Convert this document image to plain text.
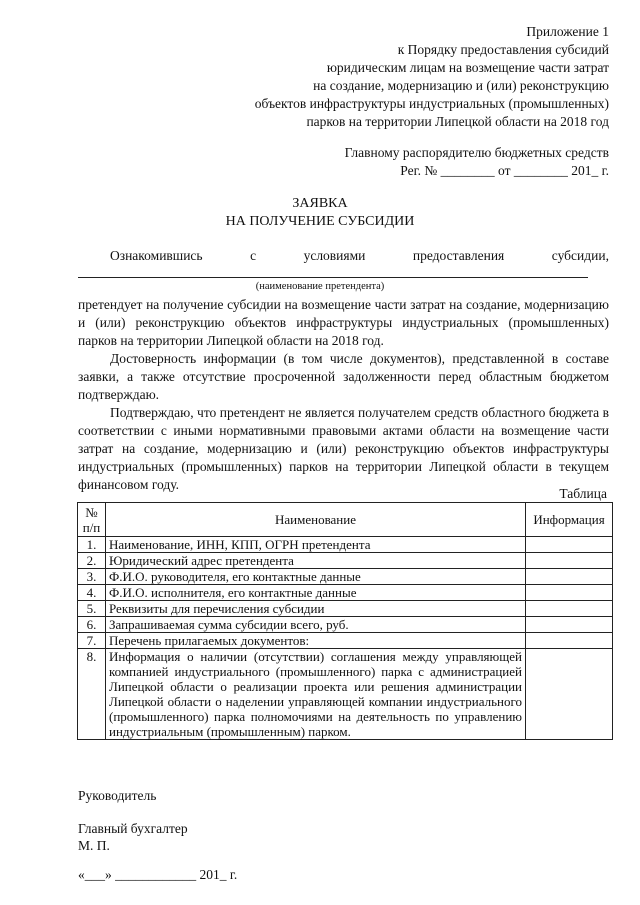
Приложение 1
к Порядку предоставления субсидий
юридическим лицам на возмещение части затрат
на создание, модернизацию и (или) реконструкцию
объектов инфраструктуры индустриальных (промышленных)
парков на территории Липецкой области на 2018 год
Главному распорядителю бюджетных средств
Рег. № ________ от ________ 201_ г.
ЗАЯВКА
НА ПОЛУЧЕНИЕ СУБСИДИИ
Ознакомившись	с	условиями	предоставления	субсидии,
(наименование претендента)
претендует на получение субсидии на возмещение части затрат на создание, модернизацию и (или) реконструкцию объектов инфраструктуры индустриальных (промышленных) парков на территории Липецкой области на 2018 год.
Достоверность информации (в том числе документов), представленной в составе заявки, а также отсутствие просроченной задолженности перед областным бюджетом подтверждаю.
Подтверждаю, что претендент не является получателем средств областного бюджета в соответствии с иными нормативными правовыми актами области на возмещение части затрат на создание, модернизацию и (или) реконструкцию объектов инфраструктуры индустриальных (промышленных) парков на территории Липецкой области в текущем финансовом году.
Таблица
№ п/п	Наименование	Информация
1.	Наименование, ИНН, КПП, ОГРН претендента	
2.	Юридический адрес претендента	
3.	Ф.И.О. руководителя, его контактные данные	
4.	Ф.И.О. исполнителя, его контактные данные	
5.	Реквизиты для перечисления субсидии	
6.	Запрашиваемая сумма субсидии всего, руб.	
7.	Перечень прилагаемых документов:	
8.	Информация о наличии (отсутствии) соглашения между управляющей компанией индустриального (промышленного) парка с администрацией Липецкой области о реализации проекта или решения администрации Липецкой области о наделении управляющей компании индустриального (промышленного) парка полномочиями на деятельность по управлению индустриальным (промышленным) парком.	
Руководитель
Главный бухгалтер
М. П.
«___» ____________ 201_ г.
